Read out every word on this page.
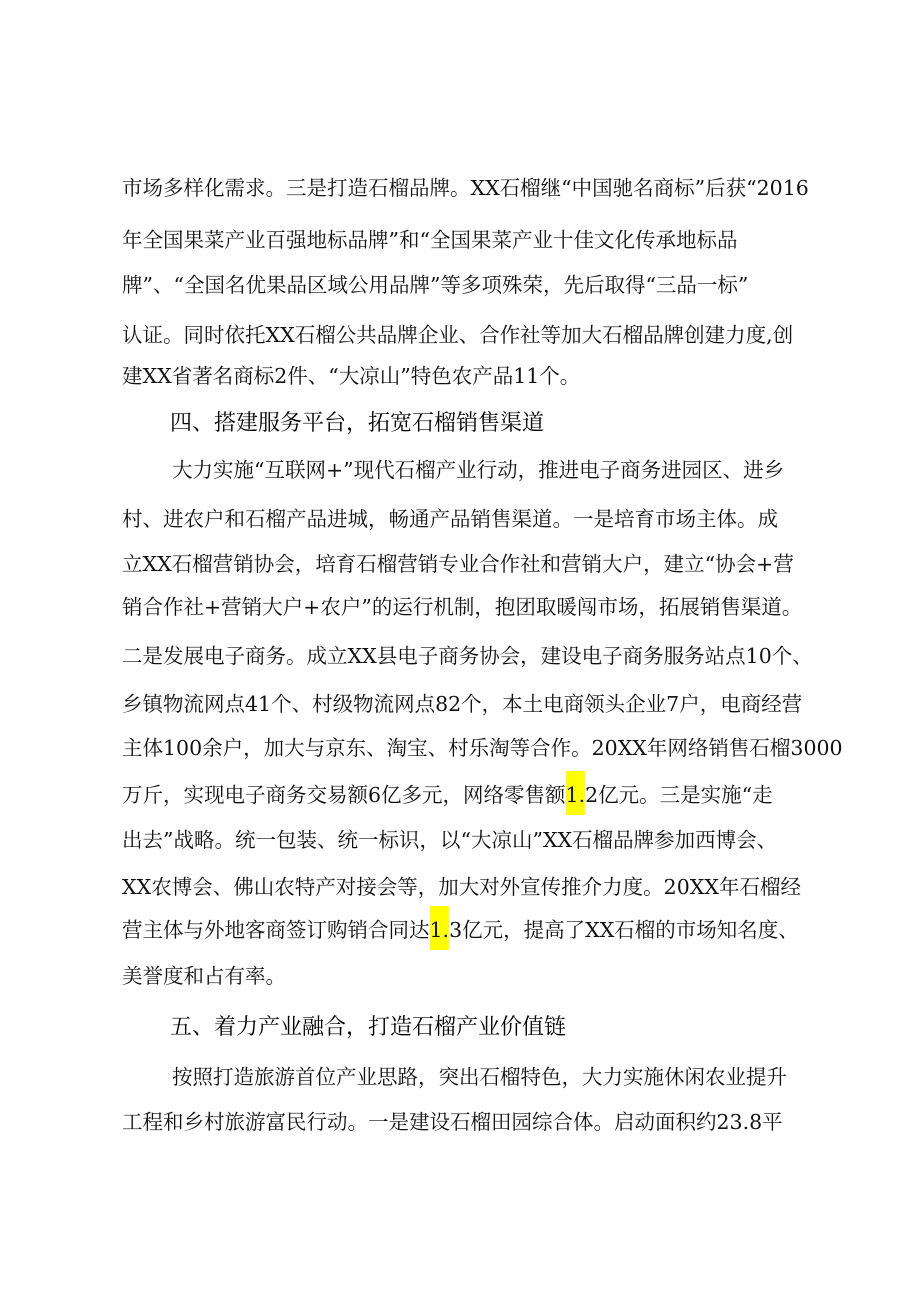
市场多样化需求。三是打造石榴品牌。XX石榴继“中国驰名商标”后获“2016
年全国果菜产业百强地标品牌”和“全国果菜产业十佳文化传承地标品
牌”、“全国名优果品区域公用品牌”等多项殊荣，先后取得“三品一标”
认证。同时依托XX石榴公共品牌企业、合作社等加大石榴品牌创建力度,创
建XX省著名商标2件、“大凉山”特色农产品11个。
四、搭建服务平台，拓宽石榴销售渠道
大力实施“互联网+”现代石榴产业行动，推进电子商务进园区、进乡
村、进农户和石榴产品进城，畅通产品销售渠道。一是培育市场主体。成
立XX石榴营销协会，培育石榴营销专业合作社和营销大户，建立“协会+营
销合作社+营销大户+农户”的运行机制，抱团取暖闯市场，拓展销售渠道。
二是发展电子商务。成立XX县电子商务协会，建设电子商务服务站点10个、
乡镇物流网点41个、村级物流网点82个，本土电商领头企业7户，电商经营
主体100余户，加大与京东、淘宝、村乐淘等合作。20XX年网络销售石榴3000
万斤，实现电子商务交易额6亿多元，网络零售额1.2亿元。三是实施“走
出去”战略。统一包装、统一标识，以“大凉山”XX石榴品牌参加西博会、
XX农博会、佛山农特产对接会等，加大对外宣传推介力度。20XX年石榴经
营主体与外地客商签订购销合同达1.3亿元，提高了XX石榴的市场知名度、
美誉度和占有率。
五、着力产业融合，打造石榴产业价值链
按照打造旅游首位产业思路，突出石榴特色，大力实施休闲农业提升
工程和乡村旅游富民行动。一是建设石榴田园综合体。启动面积约23.8平
